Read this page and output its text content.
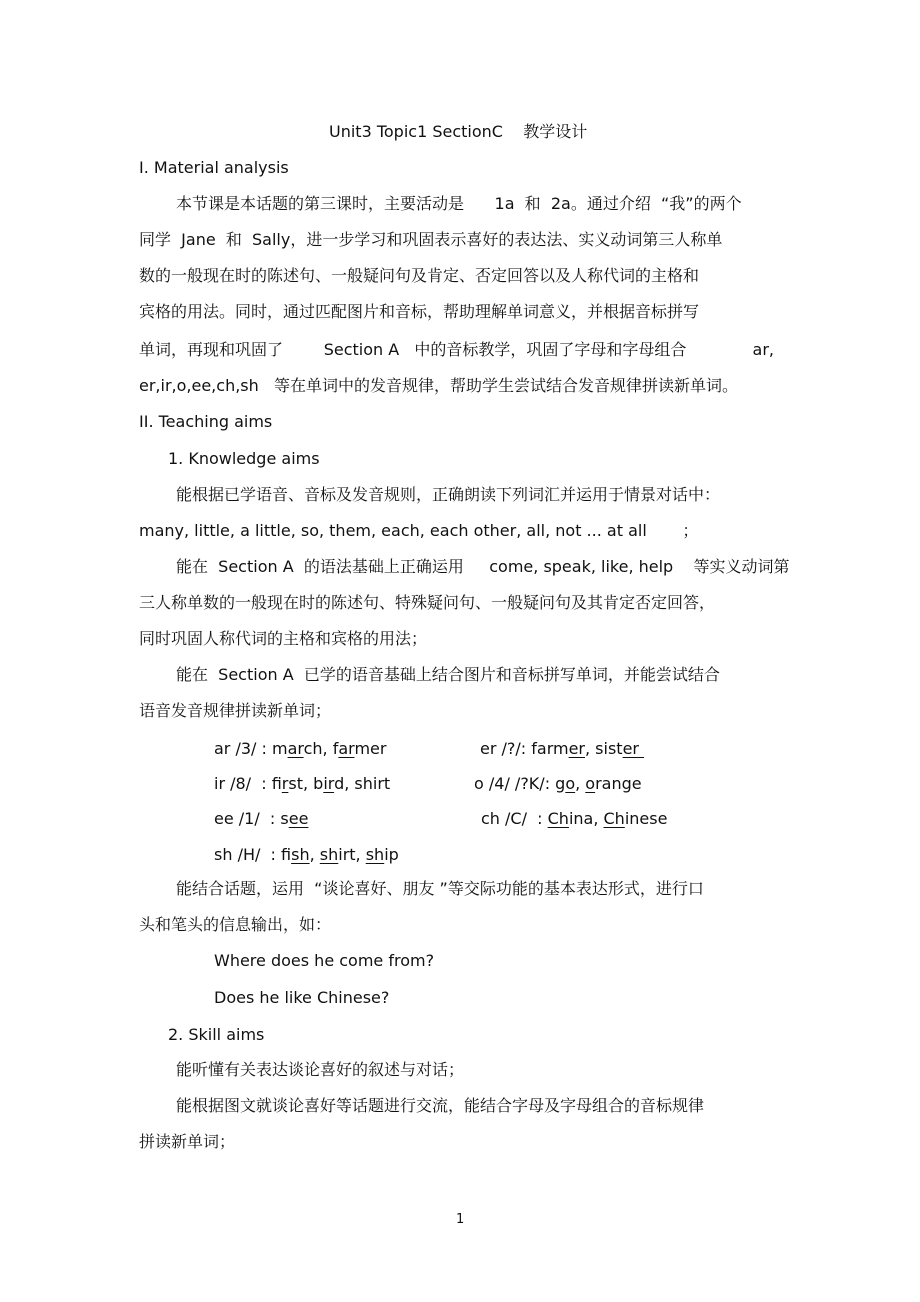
Unit3 Topic1 SectionC    教学设计
I. Material analysis
本节课是本话题的第三课时，主要活动是      1a  和  2a。通过介绍  “我”的两个
同学  Jane  和  Sally，进一步学习和巩固表示喜好的表达法、实义动词第三人称单
数的一般现在时的陈述句、一般疑问句及肯定、否定回答以及人称代词的主格和
宾格的用法。同时，通过匹配图片和音标，帮助理解单词意义，并根据音标拼写
单词，再现和巩固了        Section A   中的音标教学，巩固了字母和字母组合             ar,
er,ir,o,ee,ch,sh   等在单词中的发音规律，帮助学生尝试结合发音规律拼读新单词。
II. Teaching aims
1. Knowledge aims
能根据已学语音、音标及发音规则，正确朗读下列词汇并运用于情景对话中：
many, little, a little, so, them, each, each other, all, not ... at all       ；
能在  Section A  的语法基础上正确运用     come, speak, like, help    等实义动词第
三人称单数的一般现在时的陈述句、特殊疑问句、一般疑问句及其肯定否定回答，
同时巩固人称代词的主格和宾格的用法；
能在  Section A  已学的语音基础上结合图片和音标拼写单词，并能尝试结合
语音发音规律拼读新单词；
ar /3/ : march, farmer	er /?/: farmer, sister
ir /8/  : first, bird, shirt	o /4/ /?K/: go, orange
ee /1/  : see	ch /C/  : China, Chinese
sh /H/  : fish, shirt, ship
能结合话题，运用  “谈论喜好、朋友 ”等交际功能的基本表达形式，进行口
头和笔头的信息输出，如：
Where does he come from?
Does he like Chinese?
2. Skill aims
能听懂有关表达谈论喜好的叙述与对话；
能根据图文就谈论喜好等话题进行交流，能结合字母及字母组合的音标规律
拼读新单词；
1
